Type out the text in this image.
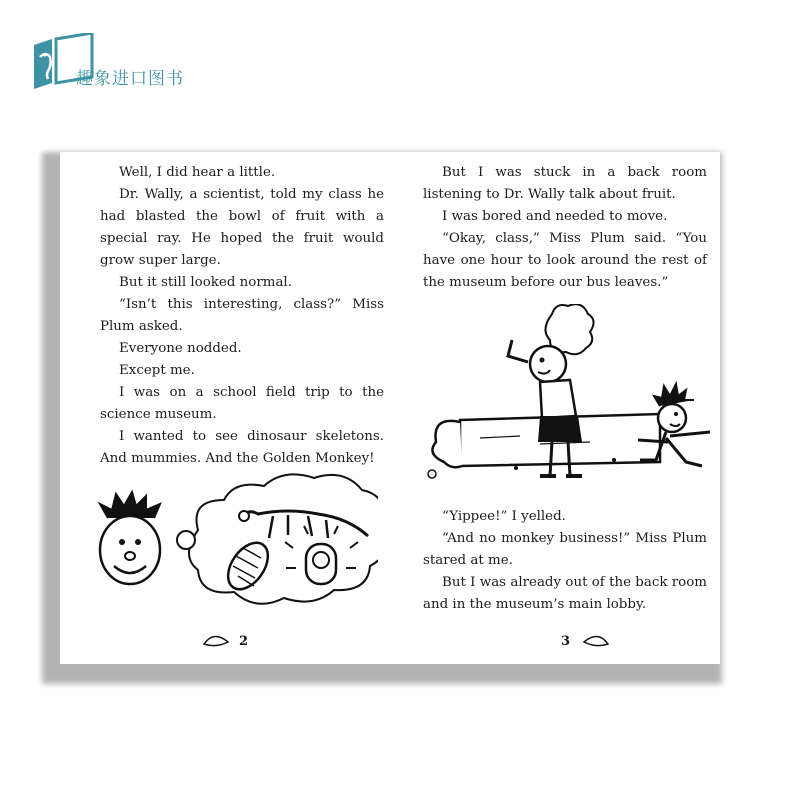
趣象进口图书

Well, I did hear a little.

Dr. Wally, a scientist, told my class he had blasted the bowl of fruit with a special ray. He hoped the fruit would grow super large.

But it still looked normal.

“Isn’t this interesting, class?” Miss Plum asked.

Everyone nodded.

Except me.

I was on a school field trip to the science museum.

I wanted to see dinosaur skeletons. And mummies. And the Golden Monkey!

But I was stuck in a back room listening to Dr. Wally talk about fruit.

I was bored and needed to move.

“Okay, class,” Miss Plum said. “You have one hour to look around the rest of the museum before our bus leaves.”

“Yippee!” I yelled.

“And no monkey business!” Miss Plum stared at me.

But I was already out of the back room and in the museum’s main lobby.

2	3
